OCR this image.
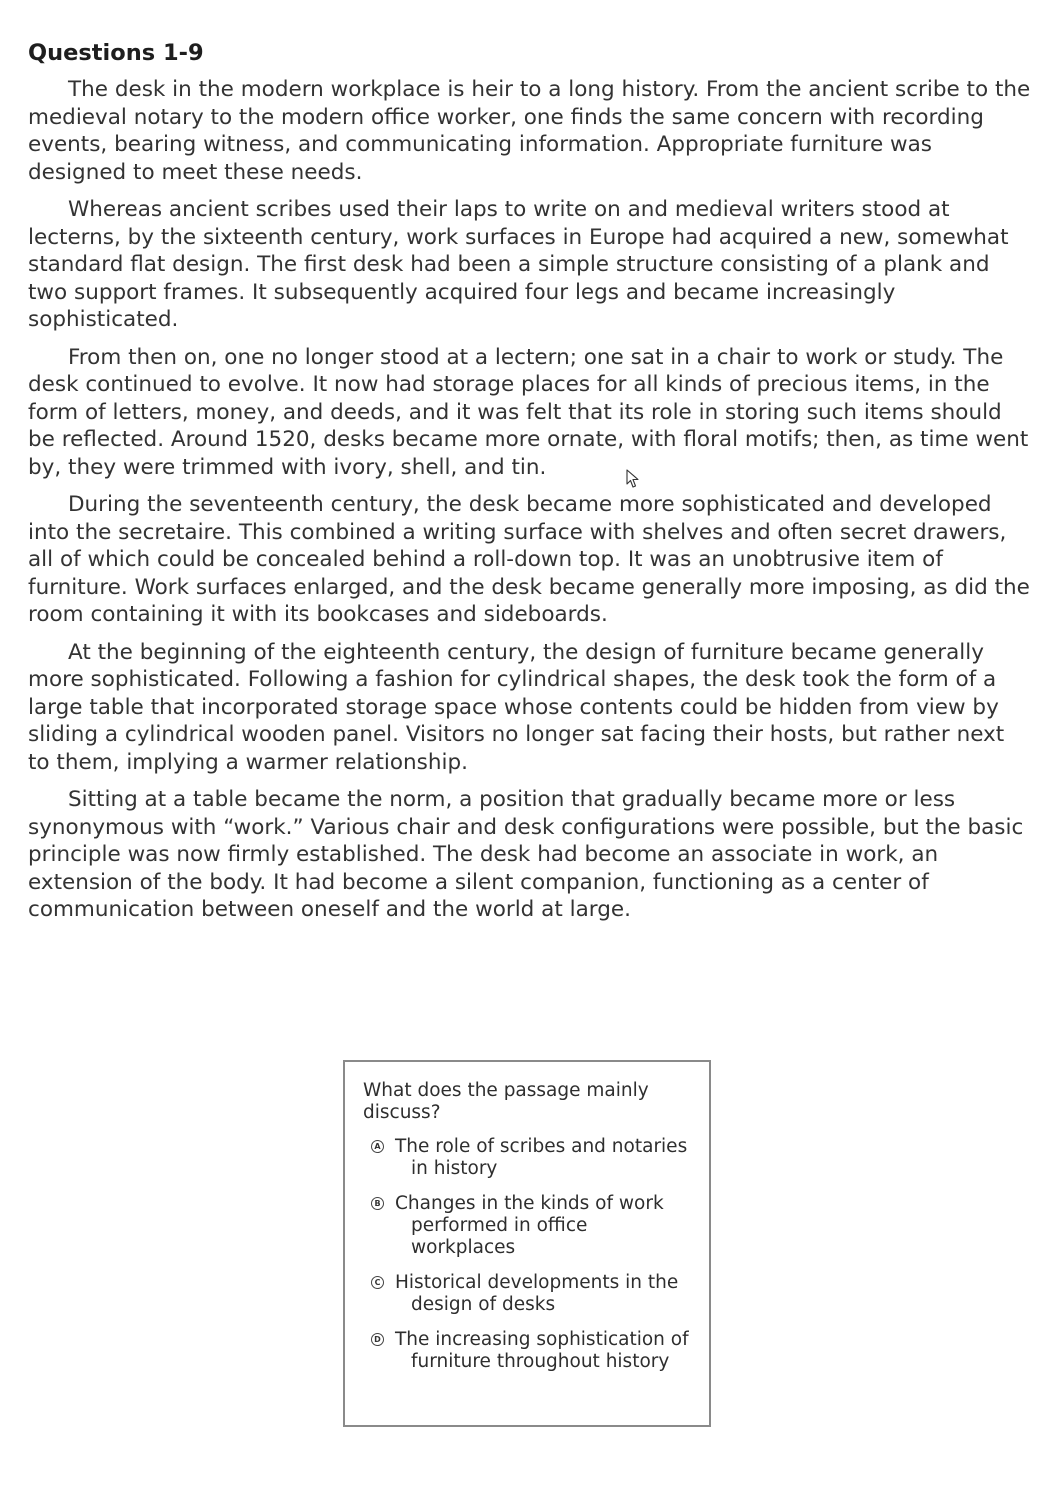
Questions 1-9

The desk in the modern workplace is heir to a long history. From the ancient scribe to the medieval notary to the modern office worker, one finds the same concern with recording events, bearing witness, and communicating information. Appropriate furniture was designed to meet these needs.

Whereas ancient scribes used their laps to write on and medieval writers stood at lecterns, by the sixteenth century, work surfaces in Europe had acquired a new, somewhat standard flat design. The first desk had been a simple structure consisting of a plank and two support frames. It subsequently acquired four legs and became increasingly sophisticated.

From then on, one no longer stood at a lectern; one sat in a chair to work or study. The desk continued to evolve. It now had storage places for all kinds of precious items, in the form of letters, money, and deeds, and it was felt that its role in storing such items should be reflected. Around 1520, desks became more ornate, with floral motifs; then, as time went by, they were trimmed with ivory, shell, and tin.

During the seventeenth century, the desk became more sophisticated and developed into the secretaire. This combined a writing surface with shelves and often secret drawers, all of which could be concealed behind a roll-down top. It was an unobtrusive item of furniture. Work surfaces enlarged, and the desk became generally more imposing, as did the room containing it with its bookcases and sideboards.

At the beginning of the eighteenth century, the design of furniture became generally more sophisticated. Following a fashion for cylindrical shapes, the desk took the form of a large table that incorporated storage space whose contents could be hidden from view by sliding a cylindrical wooden panel. Visitors no longer sat facing their hosts, but rather next to them, implying a warmer relationship.

Sitting at a table became the norm, a position that gradually became more or less synonymous with “work.” Various chair and desk configurations were possible, but the basic principle was now firmly established. The desk had become an associate in work, an extension of the body. It had become a silent companion, functioning as a center of communication between oneself and the world at large.

What does the passage mainly discuss?

A The role of scribes and notaries in history
B Changes in the kinds of work performed in office workplaces
C Historical developments in the design of desks
D The increasing sophistication of furniture throughout history
